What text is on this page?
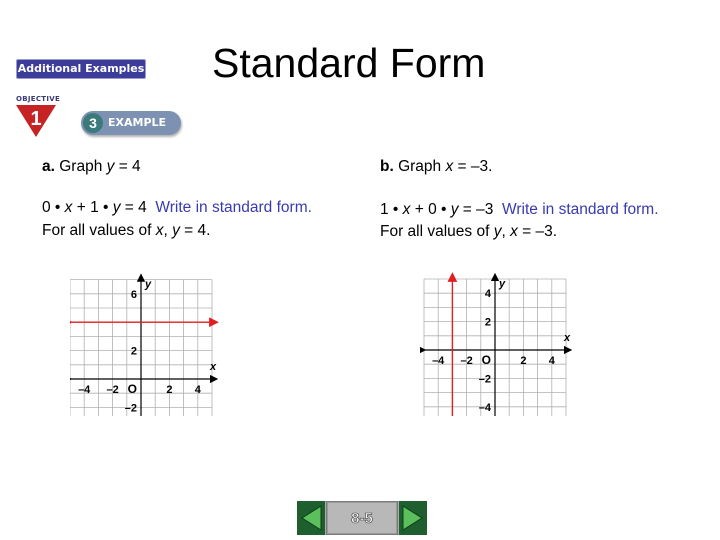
Additional Examples Standard Form
OBJECTIVE
1	3	EXAMPLE
a. Graph y = 4
0 • x + 1 • y = 4 Write in standard form.
For all values of x, y = 4.
b. Graph x = –3.
1 • x + 0 • y = –3 Write in standard form.
For all values of y, x = –3.
–4 –2	2 4
6
2
–2
x
y
O
–4 –2	2 4
4
2
–2
–4
x
y
O
8-5
